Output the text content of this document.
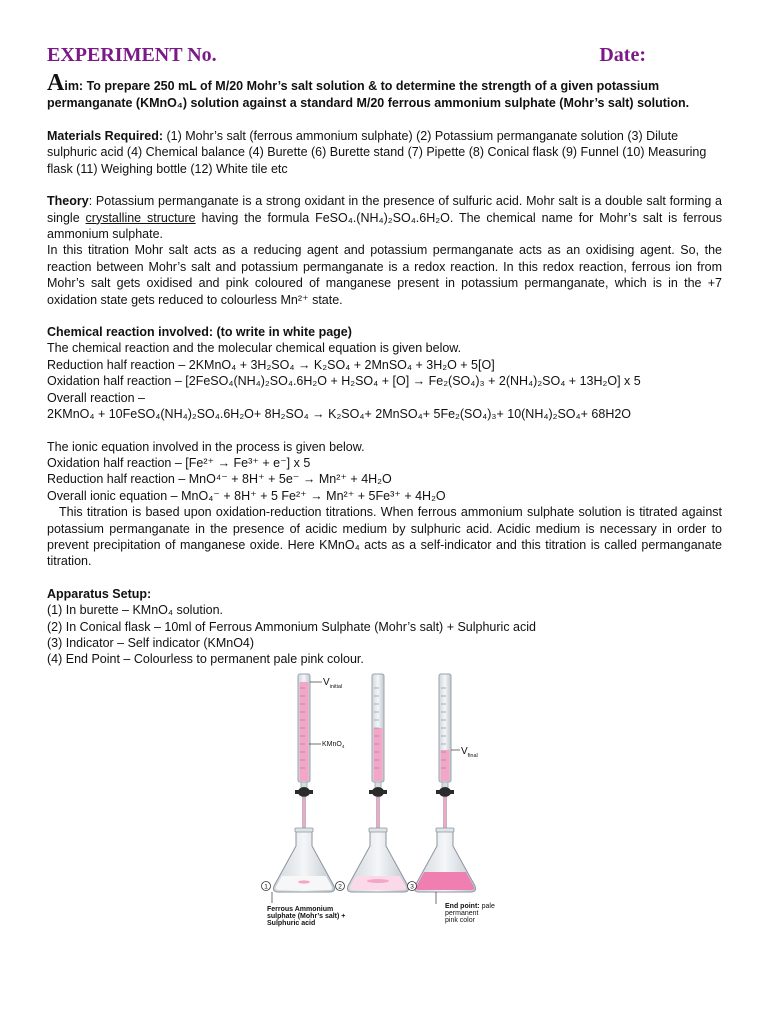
EXPERIMENT No.	Date:

Aim: To prepare 250 mL of M/20 Mohr’s salt solution & to determine the strength of a given potassium permanganate (KMnO₄) solution against a standard M/20 ferrous ammonium sulphate (Mohr’s salt) solution.

Materials Required: (1) Mohr’s salt (ferrous ammonium sulphate) (2) Potassium permanganate solution (3) Dilute sulphuric acid (4) Chemical balance (4) Burette (6) Burette stand (7) Pipette (8) Conical flask (9) Funnel (10) Measuring flask (11) Weighing bottle (12) White tile etc

Theory: Potassium permanganate is a strong oxidant in the presence of sulfuric acid. Mohr salt is a double salt forming a single crystalline structure having the formula FeSO₄.(NH₄)₂SO₄.6H₂O. The chemical name for Mohr’s salt is ferrous ammonium sulphate.

In this titration Mohr salt acts as a reducing agent and potassium permanganate acts as an oxidising agent. So, the reaction between Mohr’s salt and potassium permanganate is a redox reaction. In this redox reaction, ferrous ion from Mohr’s salt gets oxidised and pink coloured of manganese present in potassium permanganate, which is in the +7 oxidation state gets reduced to colourless Mn²⁺ state.

Chemical reaction involved: (to write in white page)

The chemical reaction and the molecular chemical equation is given below.

Reduction half reaction – 2KMnO₄ + 3H₂SO₄ → K₂SO₄ + 2MnSO₄ + 3H₂O + 5[O]

Oxidation half reaction – [2FeSO₄(NH₄)₂SO₄.6H₂O + H₂SO₄ + [O] → Fe₂(SO₄)₃ + 2(NH₄)₂SO₄ + 13H₂O] x 5

Overall reaction –

2KMnO₄ + 10FeSO₄(NH₄)₂SO₄.6H₂O+ 8H₂SO₄ → K₂SO₄+ 2MnSO₄+ 5Fe₂(SO₄)₃+ 10(NH₄)₂SO₄+ 68H2O

The ionic equation involved in the process is given below.

Oxidation half reaction – [Fe²⁺ → Fe³⁺ + e⁻] x 5

Reduction half reaction – MnO⁴⁻ + 8H⁺ + 5e⁻ → Mn²⁺ + 4H₂O

Overall ionic equation – MnO₄⁻ + 8H⁺ + 5 Fe²⁺ → Mn²⁺ + 5Fe³⁺ + 4H₂O

This titration is based upon oxidation-reduction titrations. When ferrous ammonium sulphate solution is titrated against potassium permanganate in the presence of acidic medium by sulphuric acid. Acidic medium is necessary in order to prevent precipitation of manganese oxide. Here KMnO₄ acts as a self-indicator and this titration is called permanganate titration.

Apparatus Setup:

(1) In burette – KMnO₄ solution.

(2) In Conical flask – 10ml of Ferrous Ammonium Sulphate (Mohr’s salt) + Sulphuric acid

(3) Indicator – Self indicator (KMnO4)

(4) End Point – Colourless to permanent pale pink colour.

$V_{initial}$
KMnO$_4$	$V_{final}$
1	2	3
Ferrous Ammonium
sulphate (Mohr’s salt) +
Sulphuric acid
End point: pale
permanent
pink color
